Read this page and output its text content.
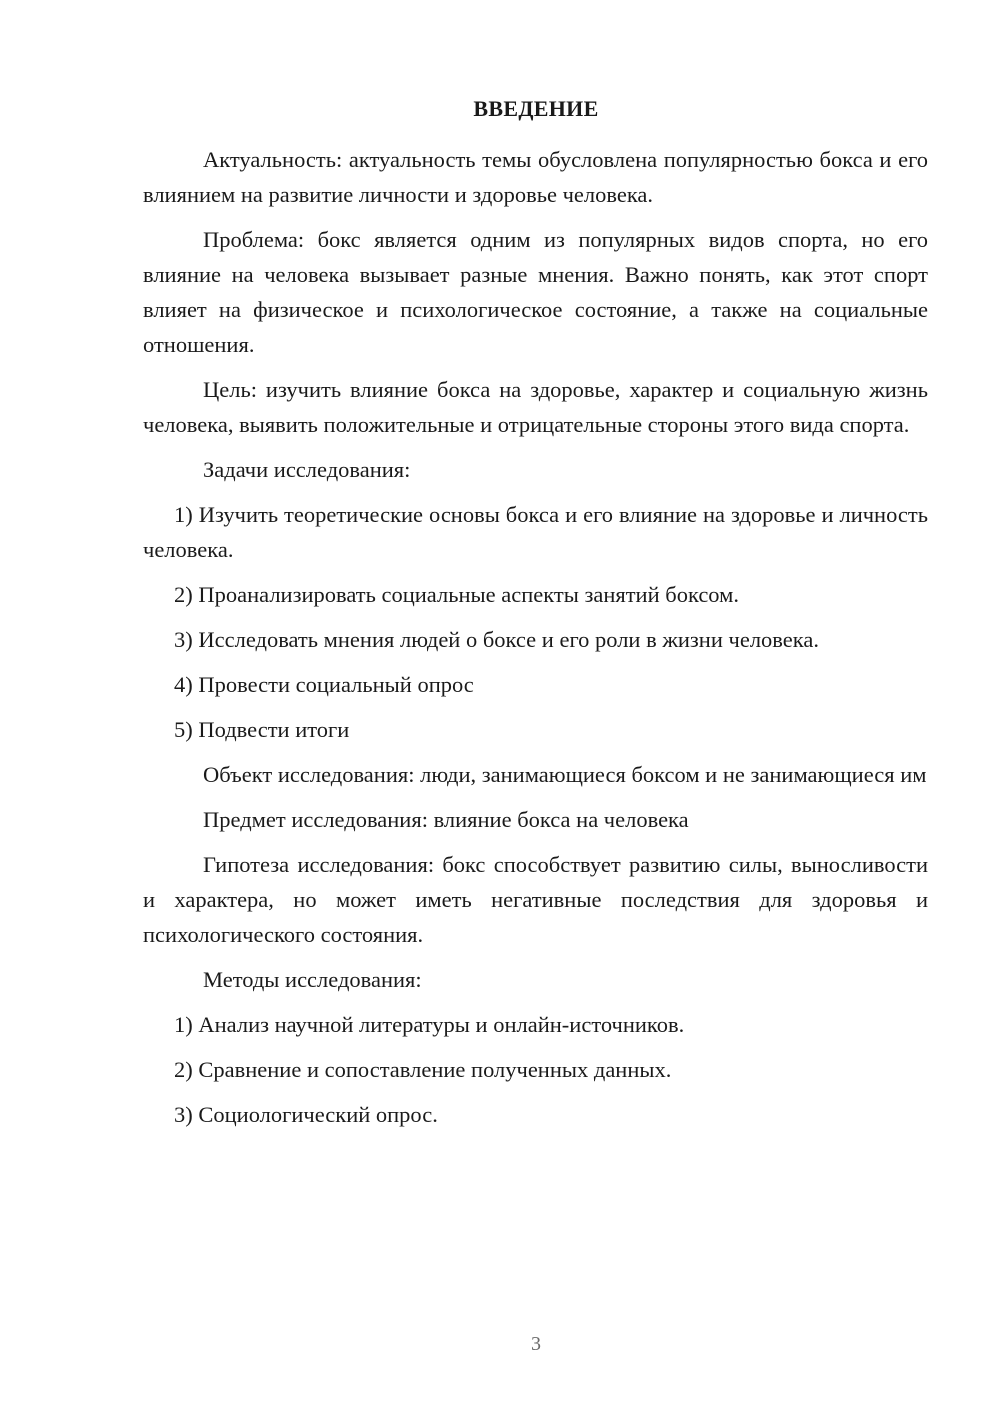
ВВЕДЕНИЕ

Актуальность: актуальность темы обусловлена популярностью бокса и его влиянием на развитие личности и здоровье человека.

Проблема: бокс является одним из популярных видов спорта, но его влияние на человека вызывает разные мнения. Важно понять, как этот спорт влияет на физическое и психологическое состояние, а также на социальные отношения.

Цель: изучить влияние бокса на здоровье, характер и социальную жизнь человека, выявить положительные и отрицательные стороны этого вида спорта.

Задачи исследования:

1) Изучить теоретические основы бокса и его влияние на здоровье и личность человека.

2) Проанализировать социальные аспекты занятий боксом.

3) Исследовать мнения людей о боксе и его роли в жизни человека.

4) Провести социальный опрос

5) Подвести итоги

Объект исследования: люди, занимающиеся боксом и не занимающиеся им

Предмет исследования: влияние бокса на человека

Гипотеза исследования: бокс способствует развитию силы, выносливости и характера, но может иметь негативные последствия для здоровья и психологического состояния.

Методы исследования:

1) Анализ научной литературы и онлайн-источников.

2) Сравнение и сопоставление полученных данных.

3) Социологический опрос.

3
